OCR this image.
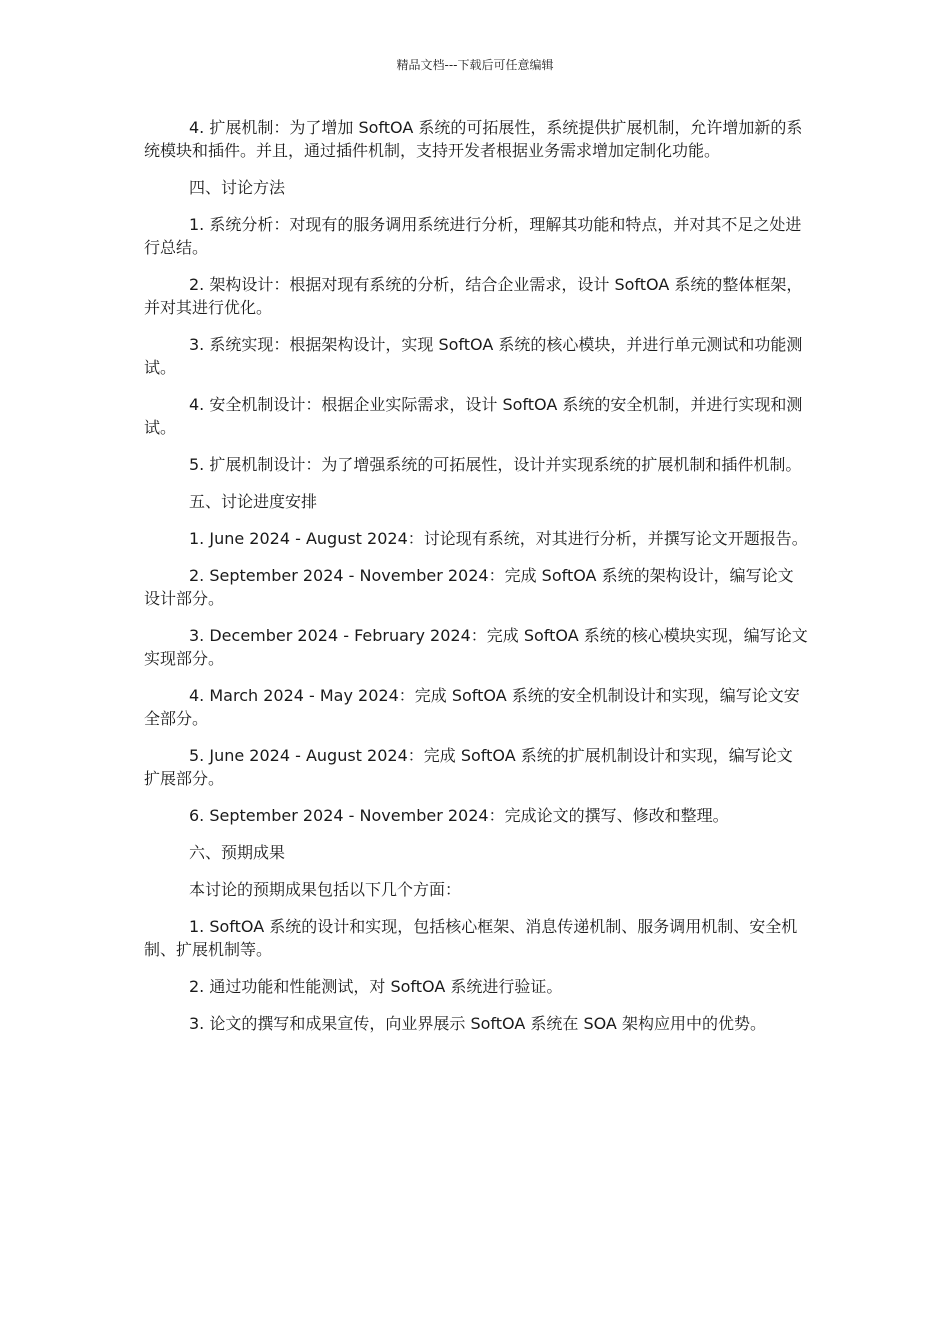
精品文档---下载后可任意编辑

4. 扩展机制：为了增加 SoftOA 系统的可拓展性，系统提供扩展机制，允许增加新的系统模块和插件。并且，通过插件机制，支持开发者根据业务需求增加定制化功能。

四、讨论方法

1. 系统分析：对现有的服务调用系统进行分析，理解其功能和特点，并对其不足之处进行总结。

2. 架构设计：根据对现有系统的分析，结合企业需求，设计 SoftOA 系统的整体框架，并对其进行优化。

3. 系统实现：根据架构设计，实现 SoftOA 系统的核心模块，并进行单元测试和功能测试。

4. 安全机制设计：根据企业实际需求，设计 SoftOA 系统的安全机制，并进行实现和测试。

5. 扩展机制设计：为了增强系统的可拓展性，设计并实现系统的扩展机制和插件机制。

五、讨论进度安排

1. June 2024 - August 2024：讨论现有系统，对其进行分析，并撰写论文开题报告。

2. September 2024 - November 2024：完成 SoftOA 系统的架构设计，编写论文设计部分。

3. December 2024 - February 2024：完成 SoftOA 系统的核心模块实现，编写论文实现部分。

4. March 2024 - May 2024：完成 SoftOA 系统的安全机制设计和实现，编写论文安全部分。

5. June 2024 - August 2024：完成 SoftOA 系统的扩展机制设计和实现，编写论文扩展部分。

6. September 2024 - November 2024：完成论文的撰写、修改和整理。

六、预期成果

本讨论的预期成果包括以下几个方面：

1. SoftOA 系统的设计和实现，包括核心框架、消息传递机制、服务调用机制、安全机制、扩展机制等。

2. 通过功能和性能测试，对 SoftOA 系统进行验证。

3. 论文的撰写和成果宣传，向业界展示 SoftOA 系统在 SOA 架构应用中的优势。
